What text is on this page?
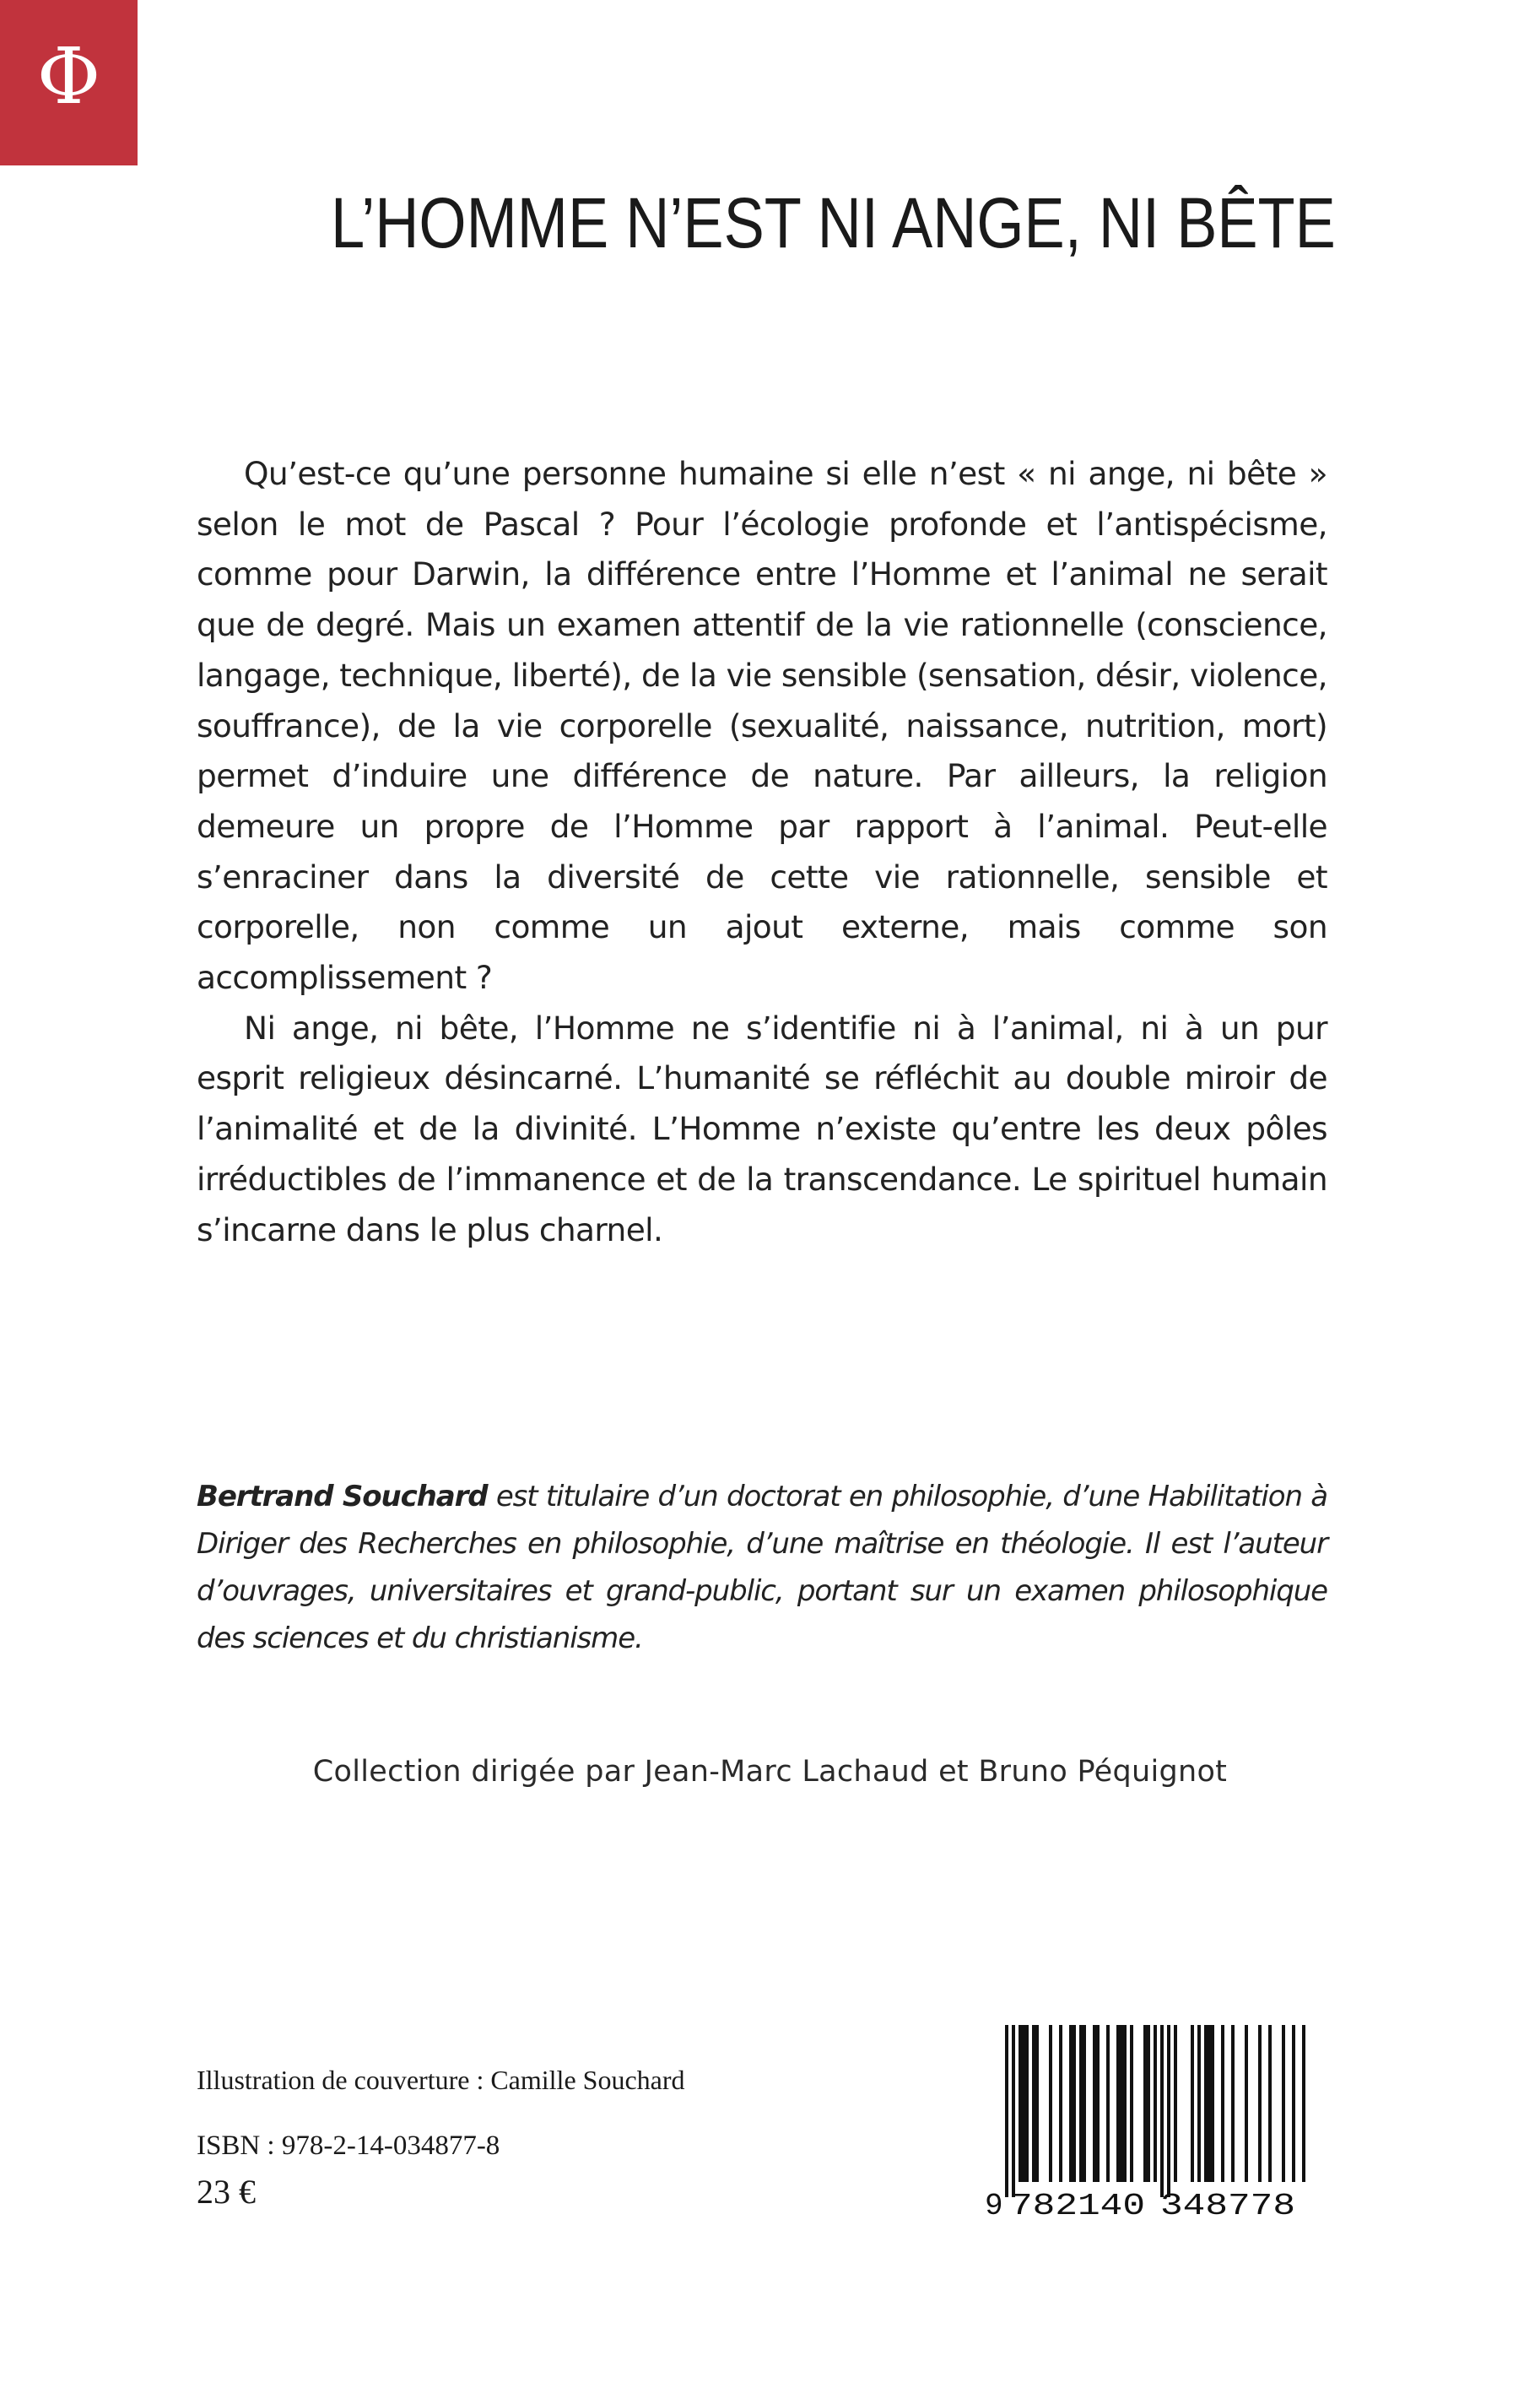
Φ
L’HOMME N’EST NI ANGE, NI BÊTE

Qu’est-ce qu’une personne humaine si elle n’est « ni ange, ni bête » selon le mot de Pascal ? Pour l’écologie profonde et l’antispécisme, comme pour Darwin, la différence entre l’Homme et l’animal ne serait que de degré. Mais un examen attentif de la vie rationnelle (conscience, langage, technique, liberté), de la vie sensible (sensation, désir, violence, souffrance), de la vie corporelle (sexualité, naissance, nutrition, mort) permet d’induire une différence de nature. Par ailleurs, la religion demeure un propre de l’Homme par rapport à l’animal. Peut-elle s’enraciner dans la diversité de cette vie rationnelle, sensible et corporelle, non comme un ajout externe, mais comme son accomplissement ?

Ni ange, ni bête, l’Homme ne s’identifie ni à l’animal, ni à un pur esprit religieux désincarné. L’humanité se réfléchit au double miroir de l’animalité et de la divinité. L’Homme n’existe qu’entre les deux pôles irréductibles de l’immanence et de la transcendance. Le spirituel humain s’incarne dans le plus charnel.

Bertrand Souchard est titulaire d’un doctorat en philosophie, d’une Habilitation à Diriger des Recherches en philosophie, d’une maîtrise en théologie. Il est l’auteur d’ouvrages, universitaires et grand-public, portant sur un examen philosophique des sciences et du christianisme.

Collection dirigée par Jean-Marc Lachaud et Bruno Péquignot

Illustration de couverture : Camille Souchard

ISBN : 978-2-14-034877-8

23 €	9 782140 348778
